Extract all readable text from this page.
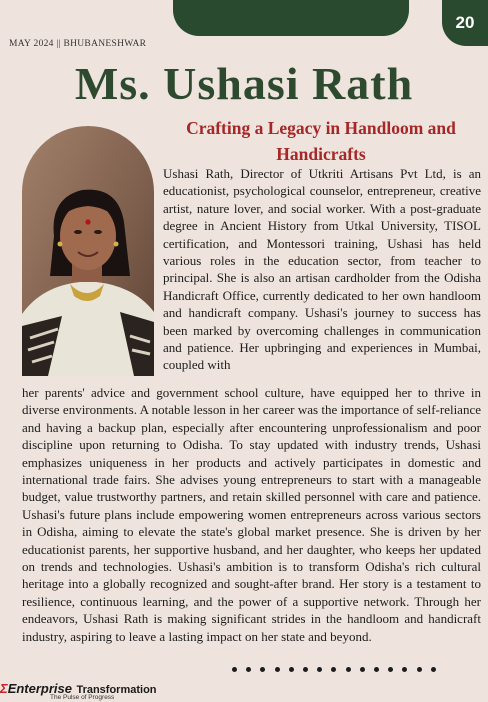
20
MAY 2024 || BHUBANESHWAR
Ms. Ushasi Rath
Crafting a Legacy in Handloom and Handicrafts

Ushasi Rath, Director of Utkriti Artisans Pvt Ltd, is an educationist, psychological counselor, entrepreneur, creative artist, nature lover, and social worker. With a post-graduate degree in Ancient History from Utkal University, TISOL certification, and Montessori training, Ushasi has held various roles in the education sector, from teacher to principal. She is also an artisan cardholder from the Odisha Handicraft Office, currently dedicated to her own handloom and handicraft company. Ushasi's journey to success has been marked by overcoming challenges in communication and patience. Her upbringing and experiences in Mumbai, coupled with

her parents' advice and government school culture, have equipped her to thrive in diverse environments. A notable lesson in her career was the importance of self-reliance and having a backup plan, especially after encountering unprofessionalism and poor discipline upon returning to Odisha. To stay updated with industry trends, Ushasi emphasizes uniqueness in her products and actively participates in domestic and international trade fairs. She advises young entrepreneurs to start with a manageable budget, value trustworthy partners, and retain skilled personnel with care and patience. Ushasi's future plans include empowering women entrepreneurs across various sectors in Odisha, aiming to elevate the state's global market presence. She is driven by her educationist parents, her supportive husband, and her daughter, who keeps her updated on trends and technologies. Ushasi's ambition is to transform Odisha's rich cultural heritage into a globally recognized and sought-after brand. Her story is a testament to resilience, continuous learning, and the power of a supportive network. Through her endeavors, Ushasi Rath is making significant strides in the handloom and handicraft industry, aspiring to leave a lasting impact on her state and beyond.

ΣEnterprise Transformation
The Pulse of Progress
